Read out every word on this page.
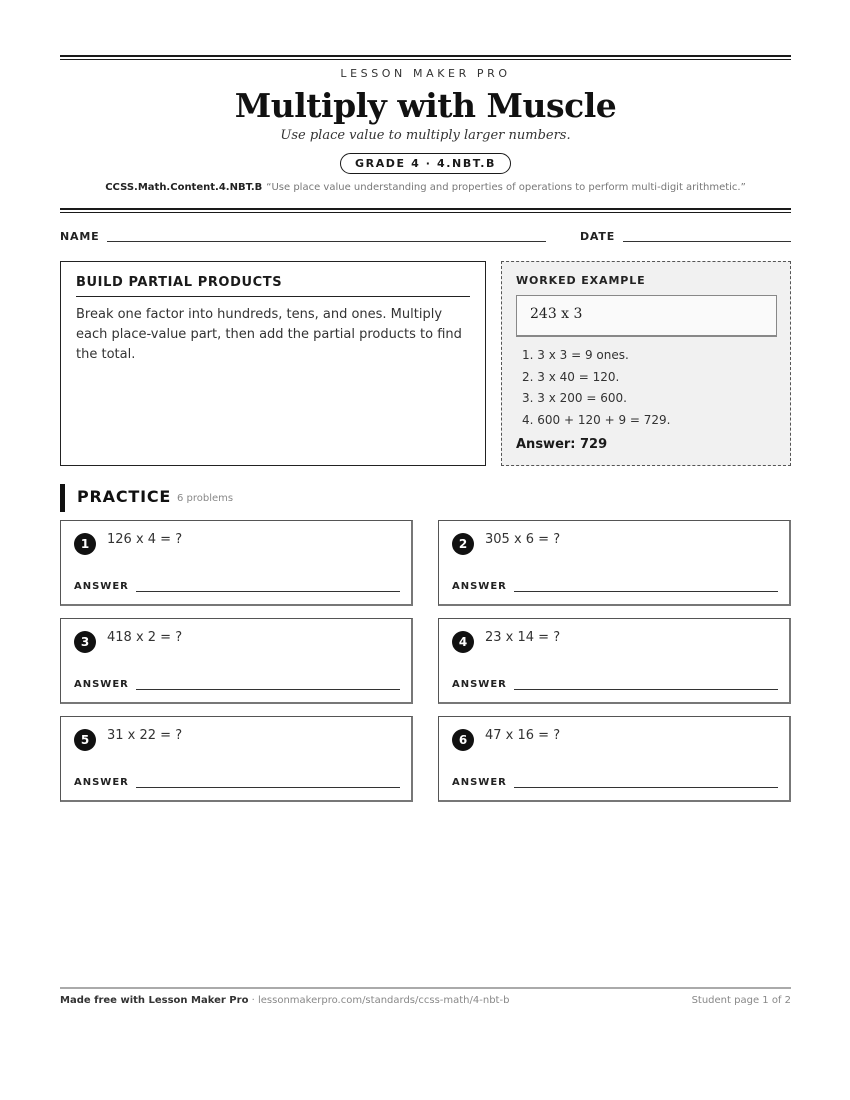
LESSON MAKER PRO
Multiply with Muscle
Use place value to multiply larger numbers.
GRADE 4 · 4.NBT.B
CCSS.Math.Content.4.NBT.B “Use place value understanding and properties of operations to perform multi-digit arithmetic.”
NAME	DATE
BUILD PARTIAL PRODUCTS

Break one factor into hundreds, tens, and ones. Multiply each place-value part, then add the partial products to find the total.

WORKED EXAMPLE
243 x 3
1. 3 x 3 = 9 ones.
2. 3 x 40 = 120.
3. 3 x 200 = 600.
4. 600 + 120 + 9 = 729.
Answer: 729
PRACTICE 6 problems
1	126 x 4 = ?
ANSWER
2	305 x 6 = ?
ANSWER
3	418 x 2 = ?
ANSWER
4	23 x 14 = ?
ANSWER
5	31 x 22 = ?
ANSWER
6	47 x 16 = ?
ANSWER
Made free with Lesson Maker Pro · lessonmakerpro.com/standards/ccss-math/4-nbt-b	Student page 1 of 2
